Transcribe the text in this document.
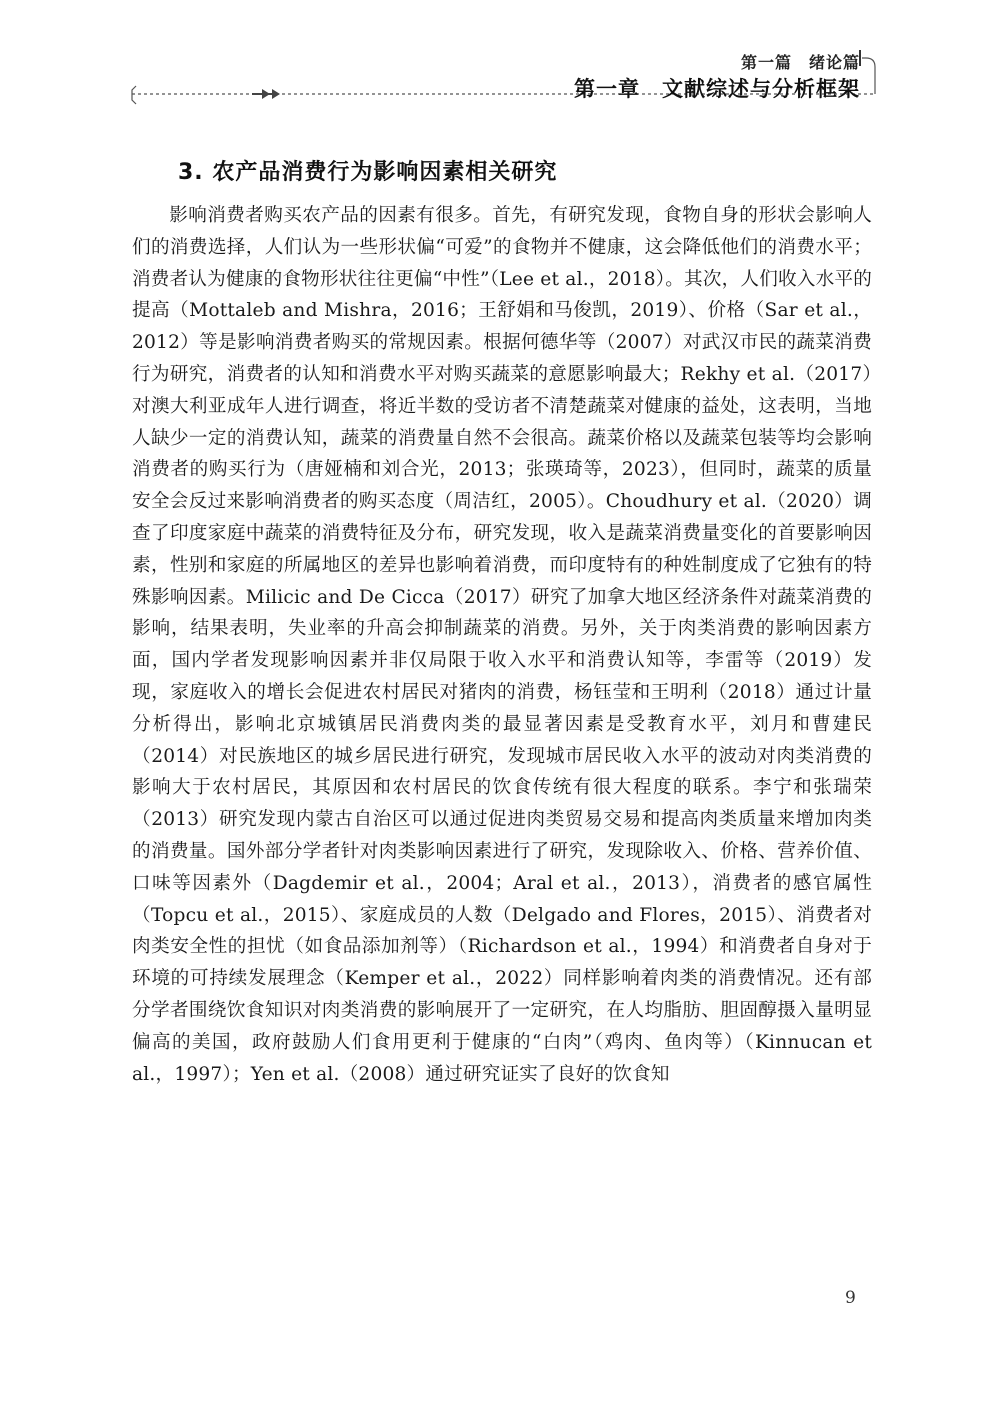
第一篇　绪论篇
第一章　文献综述与分析框架
3. 农产品消费行为影响因素相关研究

影响消费者购买农产品的因素有很多。首先，有研究发现，食物自身的形状会影响人们的消费选择，人们认为一些形状偏“可爱”的食物并不健康，这会降低他们的消费水平；消费者认为健康的食物形状往往更偏“中性”（Lee et al.，2018）。其次，人们收入水平的提高（Mottaleb and Mishra，2016；王舒娟和马俊凯，2019）、价格（Sar et al.，2012）等是影响消费者购买的常规因素。根据何德华等（2007）对武汉市民的蔬菜消费行为研究，消费者的认知和消费水平对购买蔬菜的意愿影响最大；Rekhy et al.（2017）对澳大利亚成年人进行调查，将近半数的受访者不清楚蔬菜对健康的益处，这表明，当地人缺少一定的消费认知，蔬菜的消费量自然不会很高。蔬菜价格以及蔬菜包装等均会影响消费者的购买行为（唐娅楠和刘合光，2013；张瑛琦等，2023），但同时，蔬菜的质量安全会反过来影响消费者的购买态度（周洁红，2005）。Choudhury et al.（2020）调查了印度家庭中蔬菜的消费特征及分布，研究发现，收入是蔬菜消费量变化的首要影响因素，性别和家庭的所属地区的差异也影响着消费，而印度特有的种姓制度成了它独有的特殊影响因素。Milicic and De Cicca（2017）研究了加拿大地区经济条件对蔬菜消费的影响，结果表明，失业率的升高会抑制蔬菜的消费。另外，关于肉类消费的影响因素方面，国内学者发现影响因素并非仅局限于收入水平和消费认知等，李雷等（2019）发现，家庭收入的增长会促进农村居民对猪肉的消费，杨钰莹和王明利（2018）通过计量分析得出，影响北京城镇居民消费肉类的最显著因素是受教育水平，刘月和曹建民（2014）对民族地区的城乡居民进行研究，发现城市居民收入水平的波动对肉类消费的影响大于农村居民，其原因和农村居民的饮食传统有很大程度的联系。李宁和张瑞荣（2013）研究发现内蒙古自治区可以通过促进肉类贸易交易和提高肉类质量来增加肉类的消费量。国外部分学者针对肉类影响因素进行了研究，发现除收入、价格、营养价值、口味等因素外（Dagdemir et al.，2004；Aral et al.，2013），消费者的感官属性（Topcu et al.，2015）、家庭成员的人数（Delgado and Flores，2015）、消费者对肉类安全性的担忧（如食品添加剂等）（Richardson et al.，1994）和消费者自身对于环境的可持续发展理念（Kemper et al.，2022）同样影响着肉类的消费情况。还有部分学者围绕饮食知识对肉类消费的影响展开了一定研究，在人均脂肪、胆固醇摄入量明显偏高的美国，政府鼓励人们食用更利于健康的“白肉”（鸡肉、鱼肉等）（Kinnucan et al.，1997）；Yen et al.（2008）通过研究证实了良好的饮食知

9
